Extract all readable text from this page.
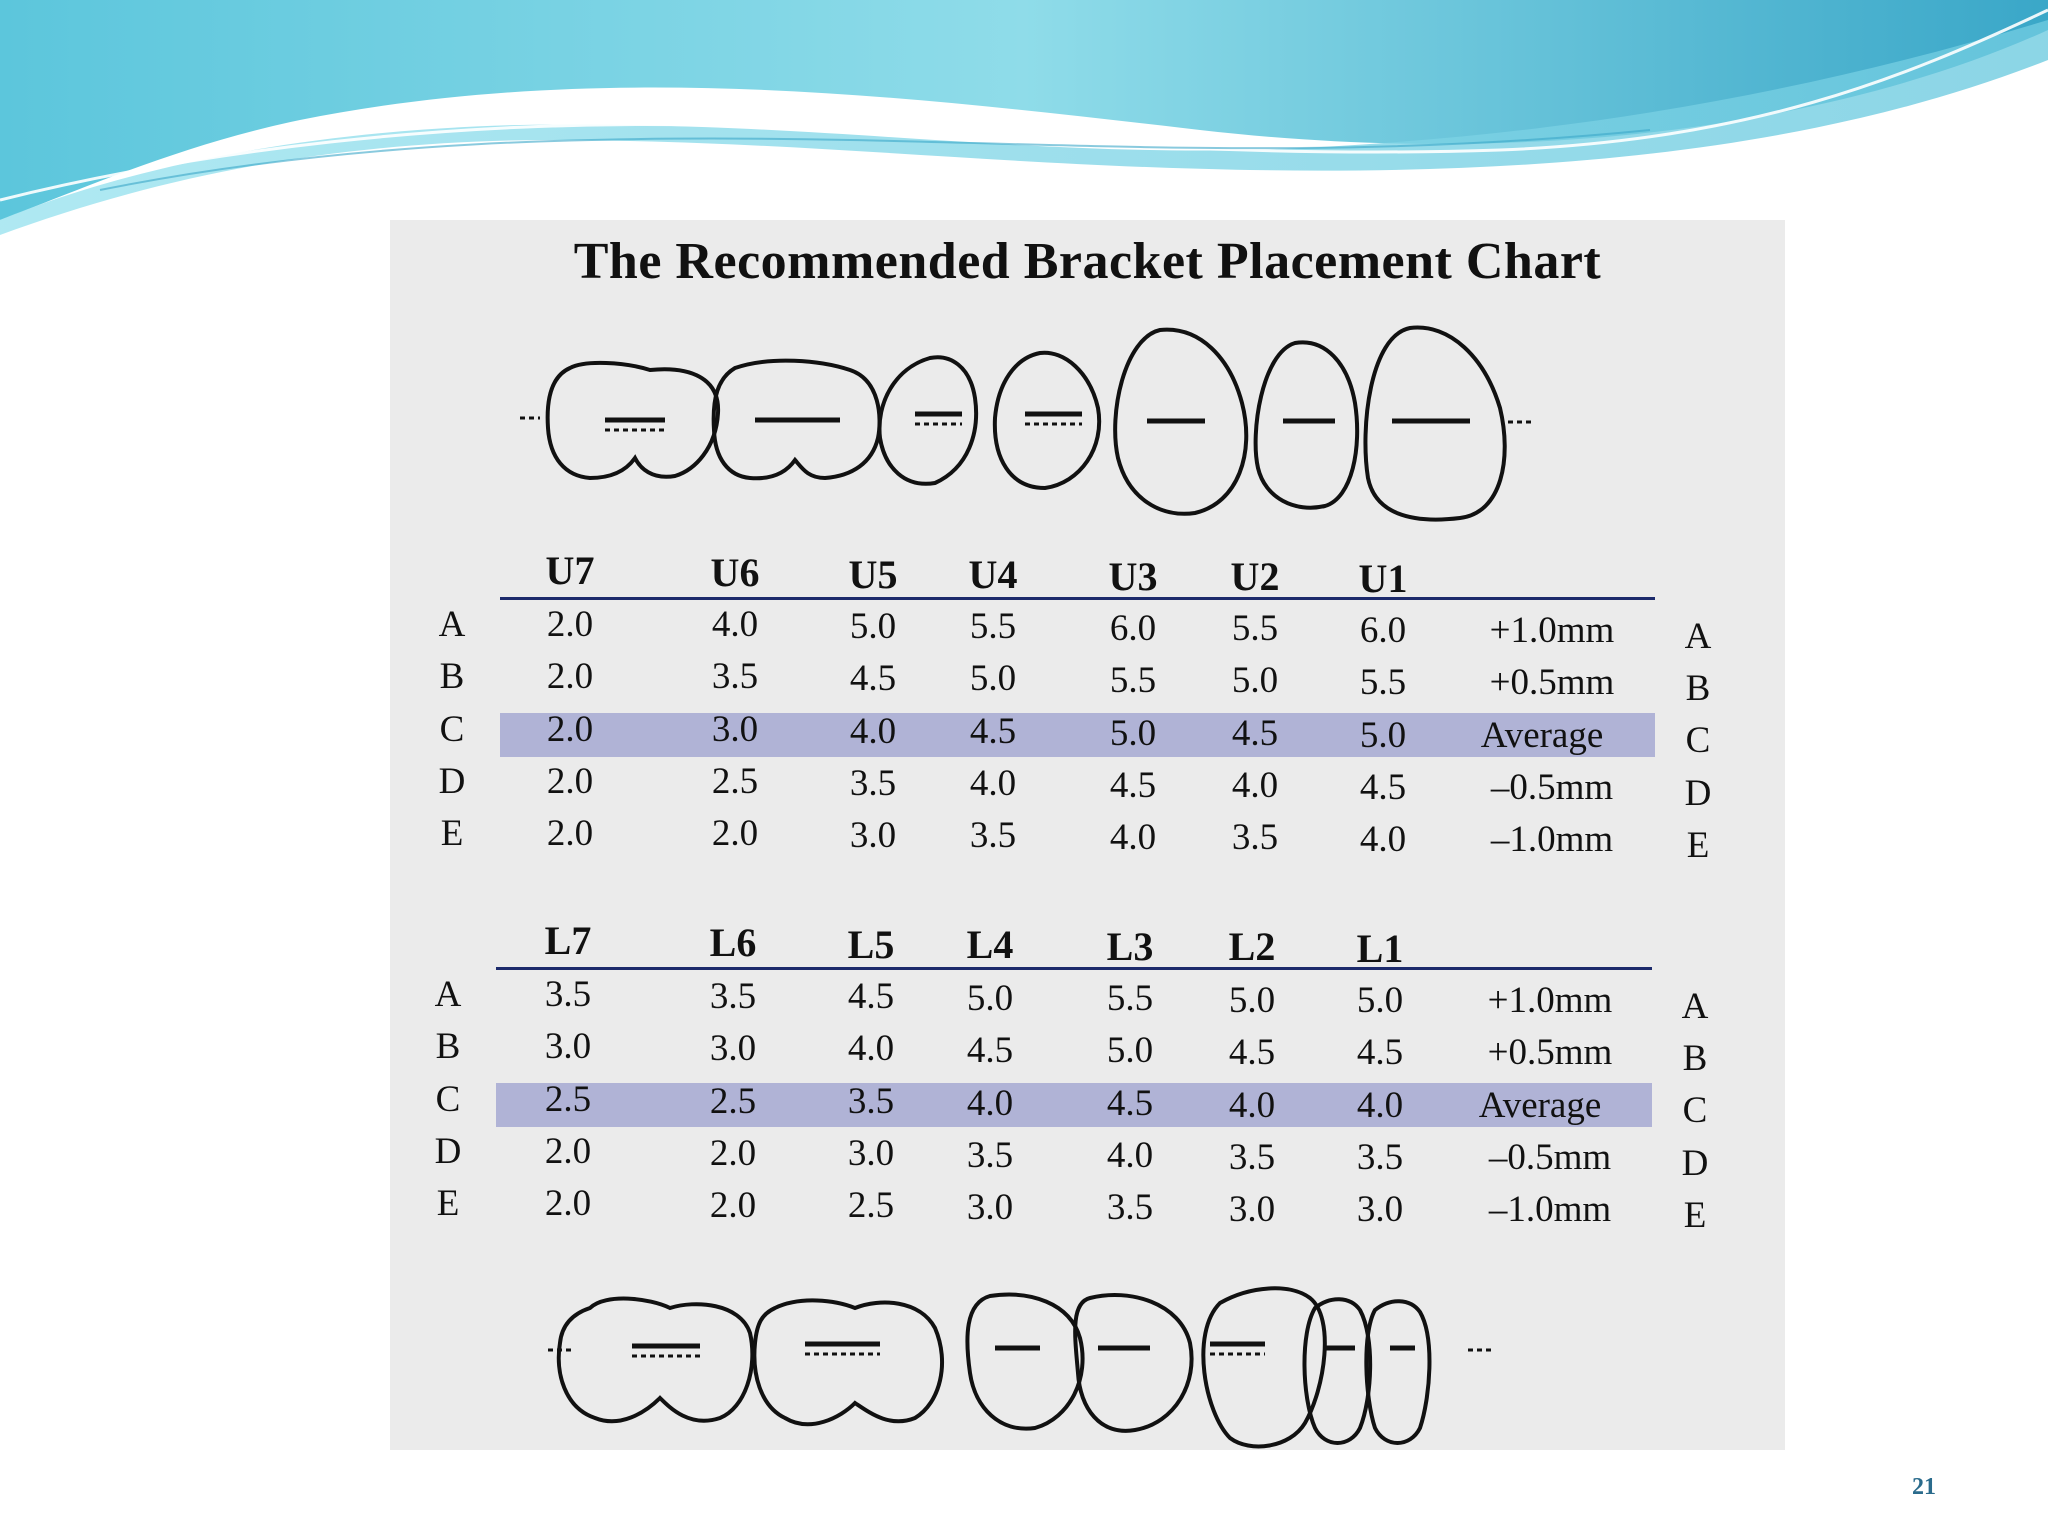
The Recommended Bracket Placement Chart
U7	U6 U5 U4 U3 U2 U1
A 2.0	4.0 5.0 5.5	6.0 5.5 6.0 +1.0mm A
B 2.0	3.5 4.5 5.0	5.5 5.0 5.5 +0.5mm B
C 2.0	3.0 4.0 4.5	5.0 4.5 5.0 Average C
D 2.0	2.5 3.5 4.0	4.5 4.0 4.5 –0.5mm D
E 2.0	2.0 3.0 3.5	4.0 3.5 4.0 –1.0mm E
L7	L6 L5 L4 L3 L2 L1
A 3.5	3.5 4.5 5.0	5.5 5.0 5.0 +1.0mm A
B 3.0	3.0 4.0 4.5	5.0 4.5 4.5 +0.5mm B
C 2.5	2.5 3.5 4.0	4.5 4.0 4.0 Average C
D 2.0	2.0 3.0 3.5	4.0 3.5 3.5 –0.5mm D
E 2.0	2.0 2.5 3.0	3.5 3.0 3.0 –1.0mm E
21
